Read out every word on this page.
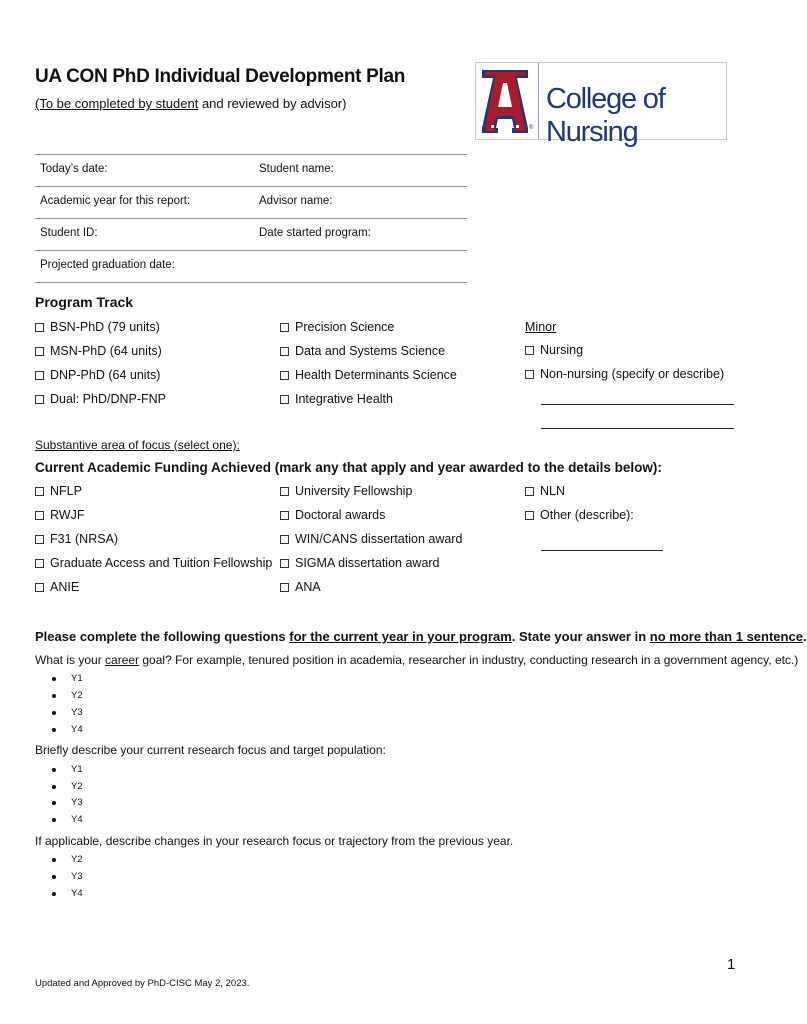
UA CON PhD Individual Development Plan
(To be completed by student and reviewed by advisor)
®
College of Nursing
Today’s date:	Student name:
Academic year for this report:	Advisor name:
Student ID:	Date started program:
Projected graduation date:
Program Track
BSN-PhD (79 units)
MSN-PhD (64 units)
DNP-PhD (64 units)
Dual: PhD/DNP-FNP
Precision Science
Data and Systems Science
Health Determinants Science
Integrative Health
Minor
Nursing
Non-nursing (specify or describe)
Substantive area of focus (select one):
Current Academic Funding Achieved (mark any that apply and year awarded to the details below):
NFLP
RWJF
F31 (NRSA)
Graduate Access and Tuition Fellowship
ANIE
University Fellowship
Doctoral awards
WIN/CANS dissertation award
SIGMA dissertation award
ANA
NLN
Other (describe):
Please complete the following questions for the current year in your program. State your answer in no more than 1 sentence.
What is your career goal? For example, tenured position in academia, researcher in industry, conducting research in a government agency, etc.)
Y1
Y2
Y3
Y4
Briefly describe your current research focus and target population:
Y1
Y2
Y3
Y4
If applicable, describe changes in your research focus or trajectory from the previous year.
Y2
Y3
Y4
1
Updated and Approved by PhD-CISC May 2, 2023.
